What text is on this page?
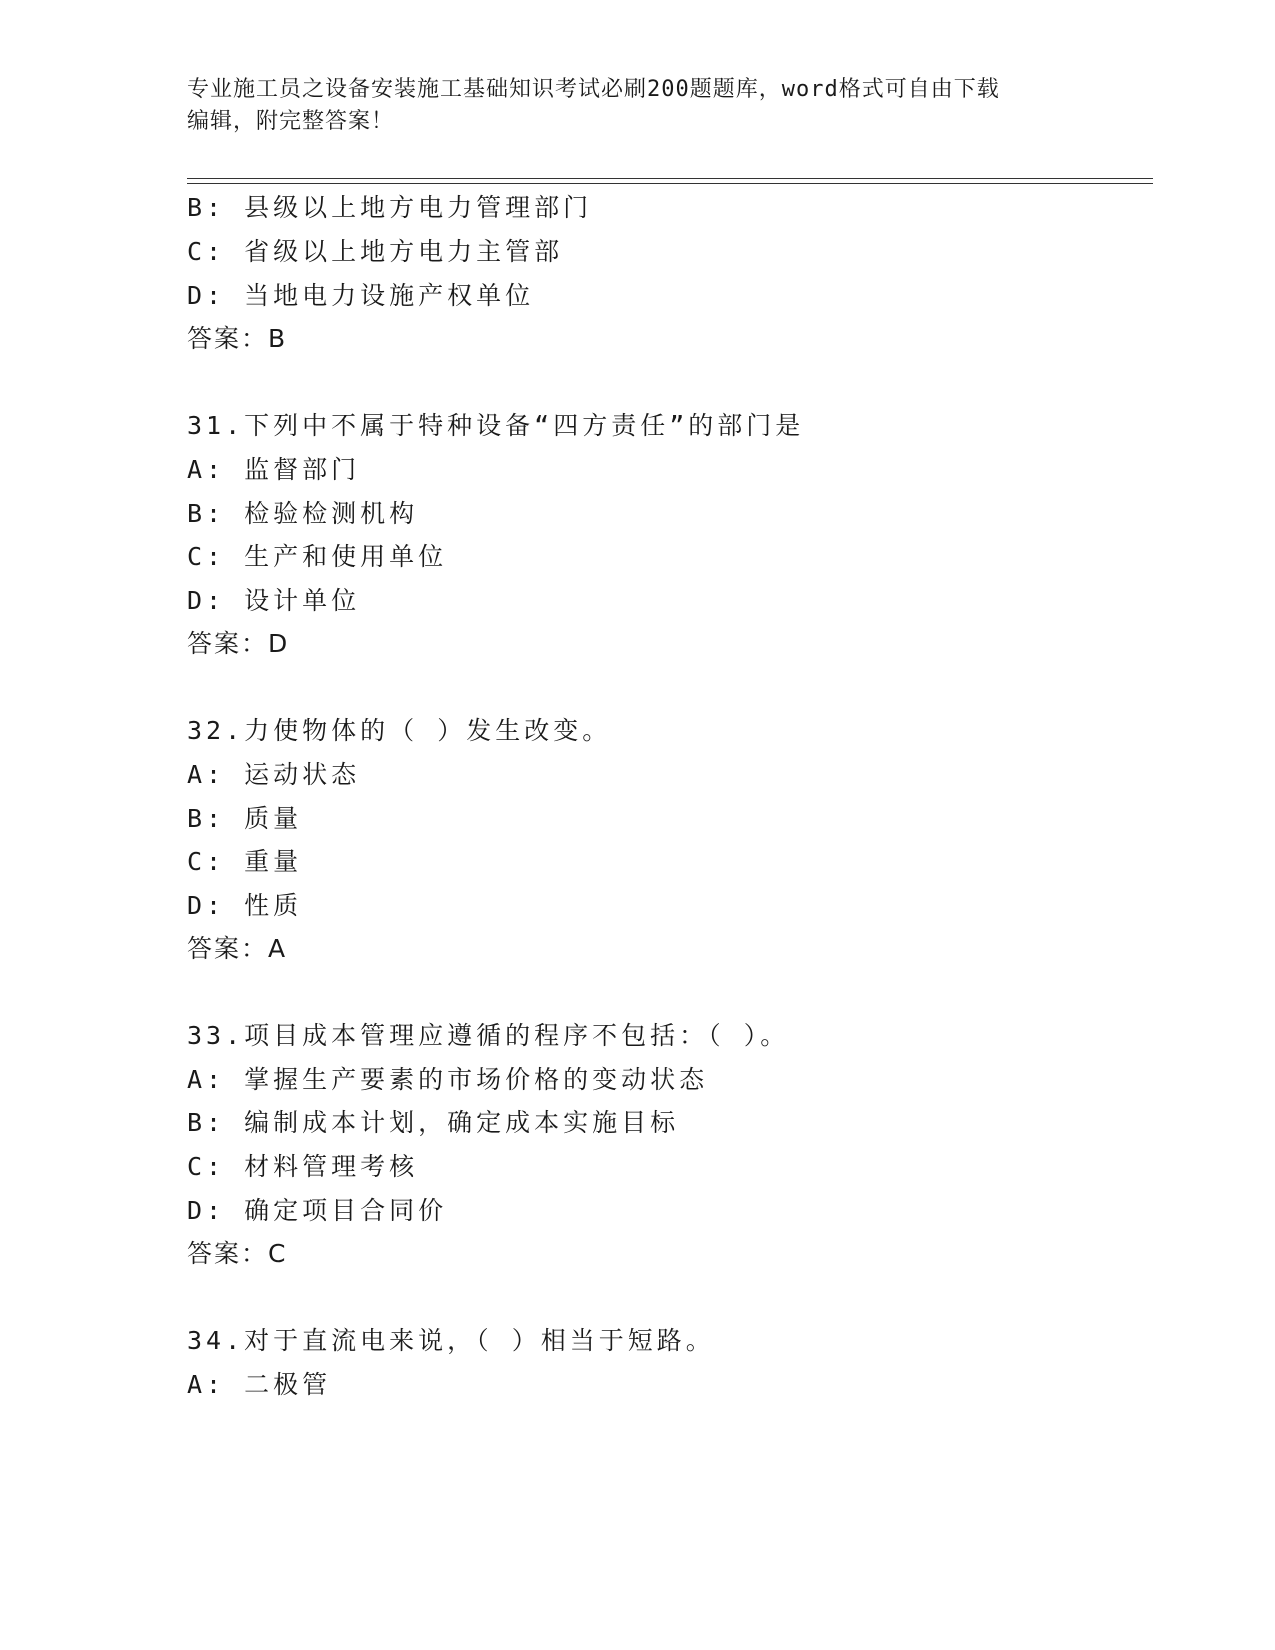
专业施工员之设备安装施工基础知识考试必刷200题题库，word格式可自由下载
编辑，附完整答案！
B: 县级以上地方电力管理部门
C: 省级以上地方电力主管部
D: 当地电力设施产权单位
答案：B
31.下列中不属于特种设备“四方责任”的部门是
A: 监督部门
B: 检验检测机构
C: 生产和使用单位
D: 设计单位
答案：D
32.力使物体的（ ）发生改变。
A: 运动状态
B: 质量
C: 重量
D: 性质
答案：A
33.项目成本管理应遵循的程序不包括：（ ）。
A: 掌握生产要素的市场价格的变动状态
B: 编制成本计划，确定成本实施目标
C: 材料管理考核
D: 确定项目合同价
答案：C
34.对于直流电来说，（ ）相当于短路。
A: 二极管
